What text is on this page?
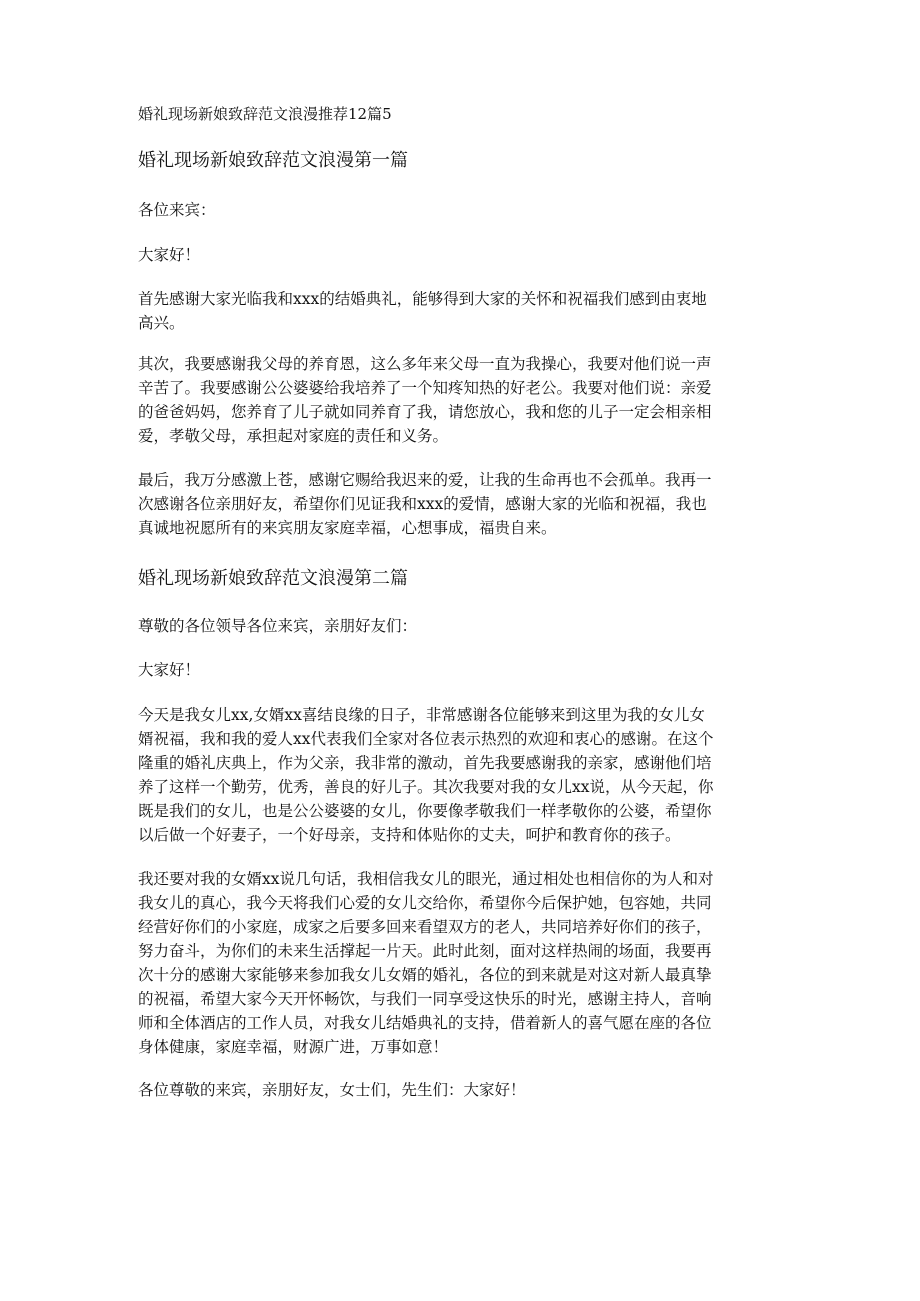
婚礼现场新娘致辞范文浪漫推荐12篇5
婚礼现场新娘致辞范文浪漫第一篇

各位来宾：

大家好！

首先感谢大家光临我和xxx的结婚典礼，能够得到大家的关怀和祝福我们感到由衷地
高兴。

其次，我要感谢我父母的养育恩，这么多年来父母一直为我操心，我要对他们说一声
辛苦了。我要感谢公公婆婆给我培养了一个知疼知热的好老公。我要对他们说：亲爱
的爸爸妈妈，您养育了儿子就如同养育了我，请您放心，我和您的儿子一定会相亲相
爱，孝敬父母，承担起对家庭的责任和义务。

最后，我万分感激上苍，感谢它赐给我迟来的爱，让我的生命再也不会孤单。我再一
次感谢各位亲朋好友，希望你们见证我和xxx的爱情，感谢大家的光临和祝福，我也
真诚地祝愿所有的来宾朋友家庭幸福，心想事成，福贵自来。

婚礼现场新娘致辞范文浪漫第二篇

尊敬的各位领导各位来宾，亲朋好友们：

大家好！

今天是我女儿xx,女婿xx喜结良缘的日子，非常感谢各位能够来到这里为我的女儿女
婿祝福，我和我的爱人xx代表我们全家对各位表示热烈的欢迎和衷心的感谢。在这个
隆重的婚礼庆典上，作为父亲，我非常的激动，首先我要感谢我的亲家，感谢他们培
养了这样一个勤劳，优秀，善良的好儿子。其次我要对我的女儿xx说，从今天起，你
既是我们的女儿，也是公公婆婆的女儿，你要像孝敬我们一样孝敬你的公婆，希望你
以后做一个好妻子，一个好母亲，支持和体贴你的丈夫，呵护和教育你的孩子。

我还要对我的女婿xx说几句话，我相信我女儿的眼光，通过相处也相信你的为人和对
我女儿的真心，我今天将我们心爱的女儿交给你，希望你今后保护她，包容她，共同
经营好你们的小家庭，成家之后要多回来看望双方的老人，共同培养好你们的孩子，
努力奋斗，为你们的未来生活撑起一片天。此时此刻，面对这样热闹的场面，我要再
次十分的感谢大家能够来参加我女儿女婿的婚礼，各位的到来就是对这对新人最真挚
的祝福，希望大家今天开怀畅饮，与我们一同享受这快乐的时光，感谢主持人，音响
师和全体酒店的工作人员，对我女儿结婚典礼的支持，借着新人的喜气愿在座的各位
身体健康，家庭幸福，财源广进，万事如意！

各位尊敬的来宾，亲朋好友，女士们，先生们：大家好！
